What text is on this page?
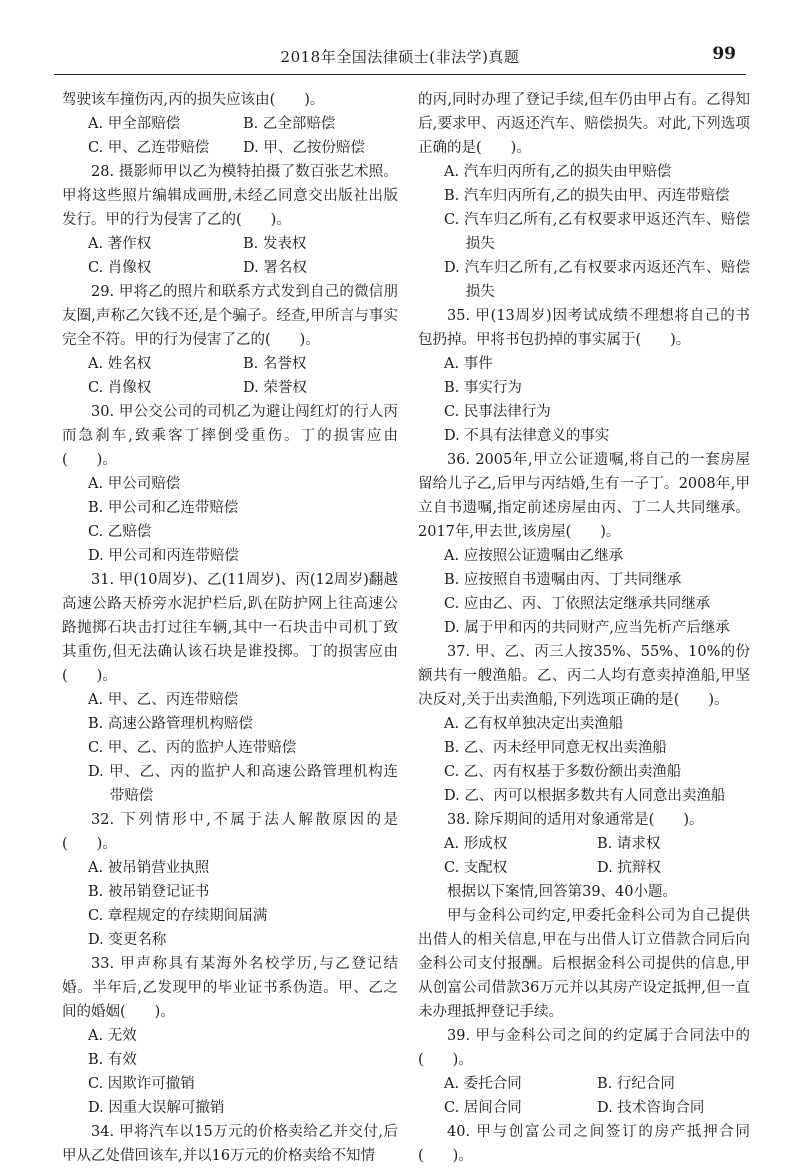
2018年全国法律硕士(非法学)真题	99

驾驶该车撞伤丙,丙的损失应该由(　　)。

A. 甲全部赔偿	B. 乙全部赔偿
C. 甲、乙连带赔偿	D. 甲、乙按份赔偿

28. 摄影师甲以乙为模特拍摄了数百张艺术照。甲将这些照片编辑成画册,未经乙同意交出版社出版发行。甲的行为侵害了乙的(　　)。

A. 著作权	B. 发表权
C. 肖像权	D. 署名权

29. 甲将乙的照片和联系方式发到自己的微信朋友圈,声称乙欠钱不还,是个骗子。经查,甲所言与事实完全不符。甲的行为侵害了乙的(　　)。

A. 姓名权	B. 名誉权
C. 肖像权	D. 荣誉权

30. 甲公交公司的司机乙为避让闯红灯的行人丙而急刹车,致乘客丁摔倒受重伤。丁的损害应由(　　)。

A. 甲公司赔偿

B. 甲公司和乙连带赔偿

C. 乙赔偿

D. 甲公司和丙连带赔偿

31. 甲(10周岁)、乙(11周岁)、丙(12周岁)翻越高速公路天桥旁水泥护栏后,趴在防护网上往高速公路抛掷石块击打过往车辆,其中一石块击中司机丁致其重伤,但无法确认该石块是谁投掷。丁的损害应由(　　)。

A. 甲、乙、丙连带赔偿

B. 高速公路管理机构赔偿

C. 甲、乙、丙的监护人连带赔偿

D. 甲、乙、丙的监护人和高速公路管理机构连带赔偿

32. 下列情形中,不属于法人解散原因的是(　　)。

A. 被吊销营业执照

B. 被吊销登记证书

C. 章程规定的存续期间届满

D. 变更名称

33. 甲声称具有某海外名校学历,与乙登记结婚。半年后,乙发现甲的毕业证书系伪造。甲、乙之间的婚姻(　　)。

A. 无效

B. 有效

C. 因欺诈可撤销

D. 因重大误解可撤销

34. 甲将汽车以15万元的价格卖给乙并交付,后甲从乙处借回该车,并以16万元的价格卖给不知情

的丙,同时办理了登记手续,但车仍由甲占有。乙得知后,要求甲、丙返还汽车、赔偿损失。对此,下列选项正确的是(　　)。

A. 汽车归丙所有,乙的损失由甲赔偿

B. 汽车归丙所有,乙的损失由甲、丙连带赔偿

C. 汽车归乙所有,乙有权要求甲返还汽车、赔偿损失

D. 汽车归乙所有,乙有权要求丙返还汽车、赔偿损失

35. 甲(13周岁)因考试成绩不理想将自己的书包扔掉。甲将书包扔掉的事实属于(　　)。

A. 事件

B. 事实行为

C. 民事法律行为

D. 不具有法律意义的事实

36. 2005年,甲立公证遗嘱,将自己的一套房屋留给儿子乙,后甲与丙结婚,生有一子丁。2008年,甲立自书遗嘱,指定前述房屋由丙、丁二人共同继承。2017年,甲去世,该房屋(　　)。

A. 应按照公证遗嘱由乙继承

B. 应按照自书遗嘱由丙、丁共同继承

C. 应由乙、丙、丁依照法定继承共同继承

D. 属于甲和丙的共同财产,应当先析产后继承

37. 甲、乙、丙三人按35%、55%、10%的份额共有一艘渔船。乙、丙二人均有意卖掉渔船,甲坚决反对,关于出卖渔船,下列选项正确的是(　　)。

A. 乙有权单独决定出卖渔船

B. 乙、丙未经甲同意无权出卖渔船

C. 乙、丙有权基于多数份额出卖渔船

D. 乙、丙可以根据多数共有人同意出卖渔船

38. 除斥期间的适用对象通常是(　　)。

A. 形成权	B. 请求权
C. 支配权	D. 抗辩权

根据以下案情,回答第39、40小题。

甲与金科公司约定,甲委托金科公司为自己提供出借人的相关信息,甲在与出借人订立借款合同后向金科公司支付报酬。后根据金科公司提供的信息,甲从创富公司借款36万元并以其房产设定抵押,但一直未办理抵押登记手续。

39. 甲与金科公司之间的约定属于合同法中的(　　)。

A. 委托合同	B. 行纪合同
C. 居间合同	D. 技术咨询合同

40. 甲与创富公司之间签订的房产抵押合同(　　)。
